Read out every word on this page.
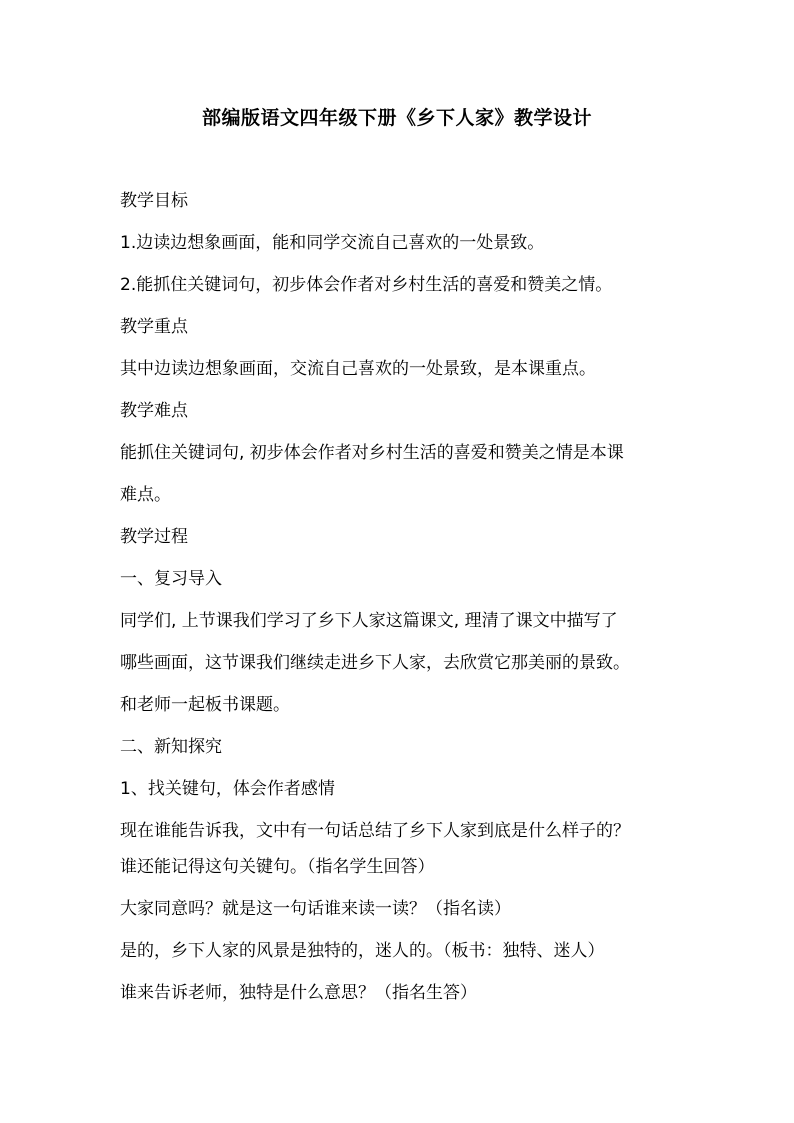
部编版语文四年级下册《乡下人家》教学设计
教学目标
1.边读边想象画面，能和同学交流自己喜欢的一处景致。
2.能抓住关键词句，初步体会作者对乡村生活的喜爱和赞美之情。
教学重点
其中边读边想象画面，交流自己喜欢的一处景致，是本课重点。
教学难点
能抓住关键词句, 初步体会作者对乡村生活的喜爱和赞美之情是本课
难点。
教学过程
一、复习导入
同学们, 上节课我们学习了乡下人家这篇课文, 理清了课文中描写了
哪些画面，这节课我们继续走进乡下人家，去欣赏它那美丽的景致。
和老师一起板书课题。
二、新知探究
1、找关键句，体会作者感情
现在谁能告诉我，文中有一句话总结了乡下人家到底是什么样子的？
谁还能记得这句关键句。（指名学生回答）
大家同意吗？就是这一句话谁来读一读？（指名读）
是的，乡下人家的风景是独特的，迷人的。（板书：独特、迷人）
谁来告诉老师，独特是什么意思？（指名生答）
